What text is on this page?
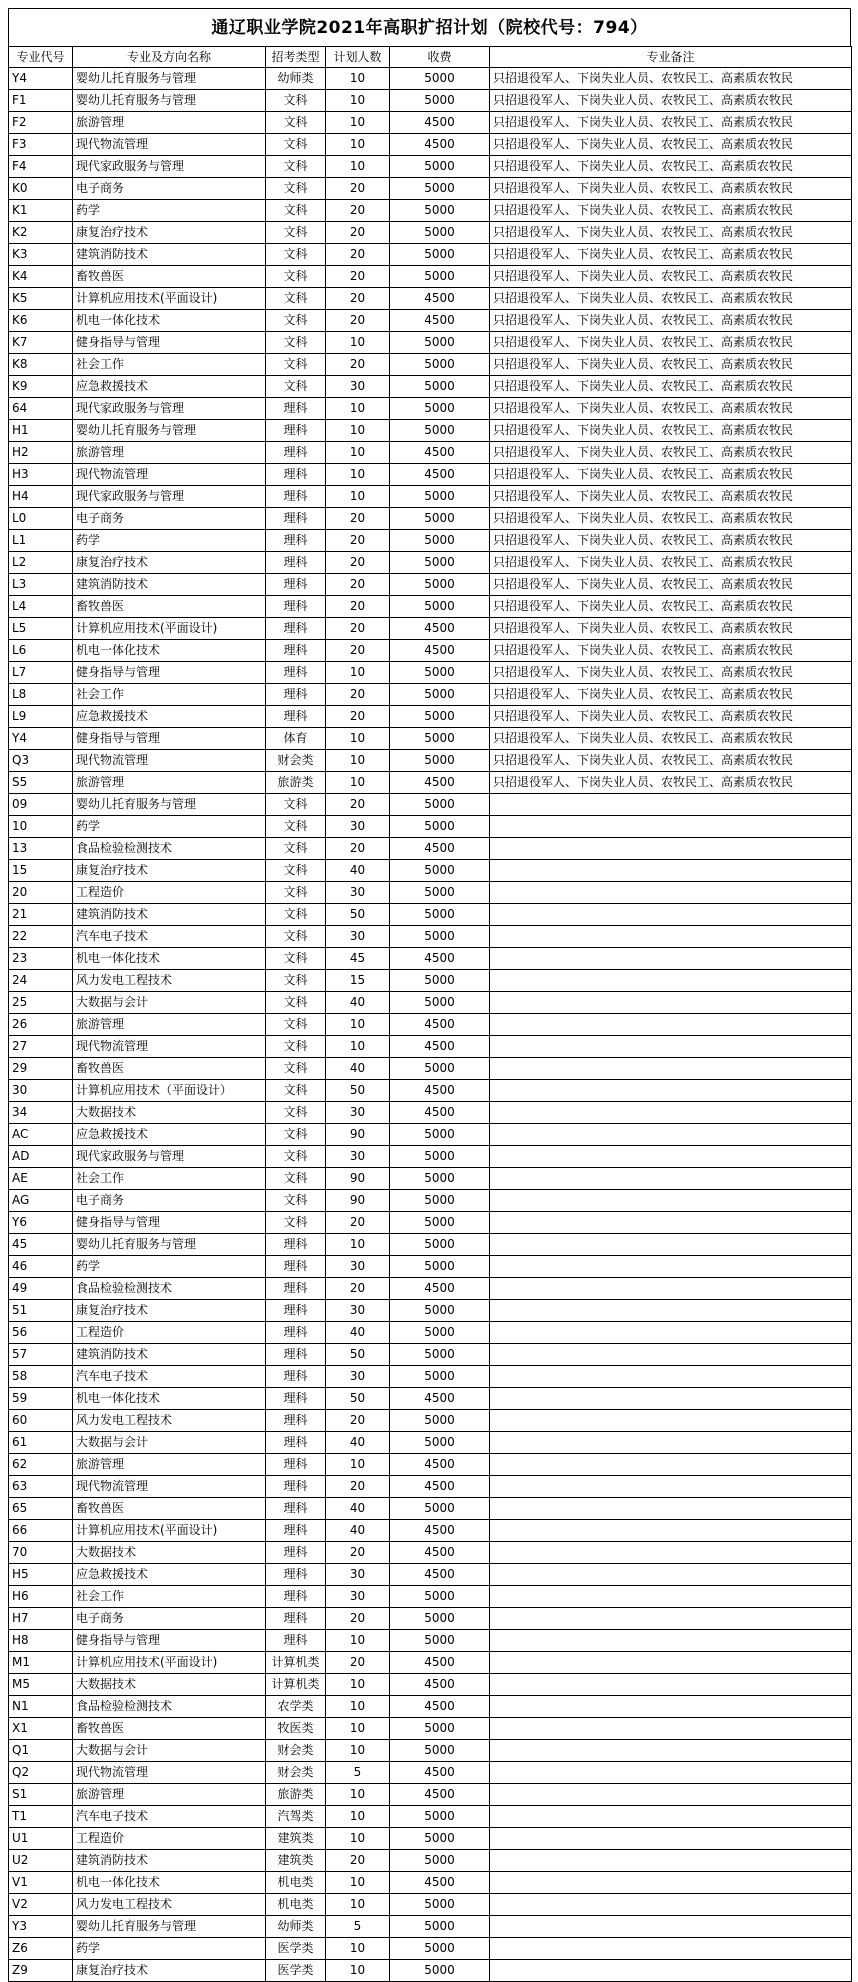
通辽职业学院2021年高职扩招计划（院校代号：794）
专业代号	专业及方向名称	招考类型	计划人数	收费	专业备注
Y4	婴幼儿托育服务与管理	幼师类	10	5000	只招退役军人、下岗失业人员、农牧民工、高素质农牧民
F1	婴幼儿托育服务与管理	文科	10	5000	只招退役军人、下岗失业人员、农牧民工、高素质农牧民
F2	旅游管理	文科	10	4500	只招退役军人、下岗失业人员、农牧民工、高素质农牧民
F3	现代物流管理	文科	10	4500	只招退役军人、下岗失业人员、农牧民工、高素质农牧民
F4	现代家政服务与管理	文科	10	5000	只招退役军人、下岗失业人员、农牧民工、高素质农牧民
K0	电子商务	文科	20	5000	只招退役军人、下岗失业人员、农牧民工、高素质农牧民
K1	药学	文科	20	5000	只招退役军人、下岗失业人员、农牧民工、高素质农牧民
K2	康复治疗技术	文科	20	5000	只招退役军人、下岗失业人员、农牧民工、高素质农牧民
K3	建筑消防技术	文科	20	5000	只招退役军人、下岗失业人员、农牧民工、高素质农牧民
K4	畜牧兽医	文科	20	5000	只招退役军人、下岗失业人员、农牧民工、高素质农牧民
K5	计算机应用技术(平面设计)	文科	20	4500	只招退役军人、下岗失业人员、农牧民工、高素质农牧民
K6	机电一体化技术	文科	20	4500	只招退役军人、下岗失业人员、农牧民工、高素质农牧民
K7	健身指导与管理	文科	10	5000	只招退役军人、下岗失业人员、农牧民工、高素质农牧民
K8	社会工作	文科	20	5000	只招退役军人、下岗失业人员、农牧民工、高素质农牧民
K9	应急救援技术	文科	30	5000	只招退役军人、下岗失业人员、农牧民工、高素质农牧民
64	现代家政服务与管理	理科	10	5000	只招退役军人、下岗失业人员、农牧民工、高素质农牧民
H1	婴幼儿托育服务与管理	理科	10	5000	只招退役军人、下岗失业人员、农牧民工、高素质农牧民
H2	旅游管理	理科	10	4500	只招退役军人、下岗失业人员、农牧民工、高素质农牧民
H3	现代物流管理	理科	10	4500	只招退役军人、下岗失业人员、农牧民工、高素质农牧民
H4	现代家政服务与管理	理科	10	5000	只招退役军人、下岗失业人员、农牧民工、高素质农牧民
L0	电子商务	理科	20	5000	只招退役军人、下岗失业人员、农牧民工、高素质农牧民
L1	药学	理科	20	5000	只招退役军人、下岗失业人员、农牧民工、高素质农牧民
L2	康复治疗技术	理科	20	5000	只招退役军人、下岗失业人员、农牧民工、高素质农牧民
L3	建筑消防技术	理科	20	5000	只招退役军人、下岗失业人员、农牧民工、高素质农牧民
L4	畜牧兽医	理科	20	5000	只招退役军人、下岗失业人员、农牧民工、高素质农牧民
L5	计算机应用技术(平面设计)	理科	20	4500	只招退役军人、下岗失业人员、农牧民工、高素质农牧民
L6	机电一体化技术	理科	20	4500	只招退役军人、下岗失业人员、农牧民工、高素质农牧民
L7	健身指导与管理	理科	10	5000	只招退役军人、下岗失业人员、农牧民工、高素质农牧民
L8	社会工作	理科	20	5000	只招退役军人、下岗失业人员、农牧民工、高素质农牧民
L9	应急救援技术	理科	20	5000	只招退役军人、下岗失业人员、农牧民工、高素质农牧民
Y4	健身指导与管理	体育	10	5000	只招退役军人、下岗失业人员、农牧民工、高素质农牧民
Q3	现代物流管理	财会类	10	5000	只招退役军人、下岗失业人员、农牧民工、高素质农牧民
S5	旅游管理	旅游类	10	4500	只招退役军人、下岗失业人员、农牧民工、高素质农牧民
09	婴幼儿托育服务与管理	文科	20	5000	
10	药学	文科	30	5000	
13	食品检验检测技术	文科	20	4500	
15	康复治疗技术	文科	40	5000	
20	工程造价	文科	30	5000	
21	建筑消防技术	文科	50	5000	
22	汽车电子技术	文科	30	5000	
23	机电一体化技术	文科	45	4500	
24	风力发电工程技术	文科	15	5000	
25	大数据与会计	文科	40	5000	
26	旅游管理	文科	10	4500	
27	现代物流管理	文科	10	4500	
29	畜牧兽医	文科	40	5000	
30	计算机应用技术（平面设计）	文科	50	4500	
34	大数据技术	文科	30	4500	
AC	应急救援技术	文科	90	5000	
AD	现代家政服务与管理	文科	30	5000	
AE	社会工作	文科	90	5000	
AG	电子商务	文科	90	5000	
Y6	健身指导与管理	文科	20	5000	
45	婴幼儿托育服务与管理	理科	10	5000	
46	药学	理科	30	5000	
49	食品检验检测技术	理科	20	4500	
51	康复治疗技术	理科	30	5000	
56	工程造价	理科	40	5000	
57	建筑消防技术	理科	50	5000	
58	汽车电子技术	理科	30	5000	
59	机电一体化技术	理科	50	4500	
60	风力发电工程技术	理科	20	5000	
61	大数据与会计	理科	40	5000	
62	旅游管理	理科	10	4500	
63	现代物流管理	理科	20	4500	
65	畜牧兽医	理科	40	5000	
66	计算机应用技术(平面设计)	理科	40	4500	
70	大数据技术	理科	20	4500	
H5	应急救援技术	理科	30	4500	
H6	社会工作	理科	30	5000	
H7	电子商务	理科	20	5000	
H8	健身指导与管理	理科	10	5000	
M1	计算机应用技术(平面设计)	计算机类	20	4500	
M5	大数据技术	计算机类	10	4500	
N1	食品检验检测技术	农学类	10	4500	
X1	畜牧兽医	牧医类	10	5000	
Q1	大数据与会计	财会类	10	5000	
Q2	现代物流管理	财会类	5	4500	
S1	旅游管理	旅游类	10	4500	
T1	汽车电子技术	汽驾类	10	5000	
U1	工程造价	建筑类	10	5000	
U2	建筑消防技术	建筑类	20	5000	
V1	机电一体化技术	机电类	10	4500	
V2	风力发电工程技术	机电类	10	5000	
Y3	婴幼儿托育服务与管理	幼师类	5	5000	
Z6	药学	医学类	10	5000	
Z9	康复治疗技术	医学类	10	5000	
